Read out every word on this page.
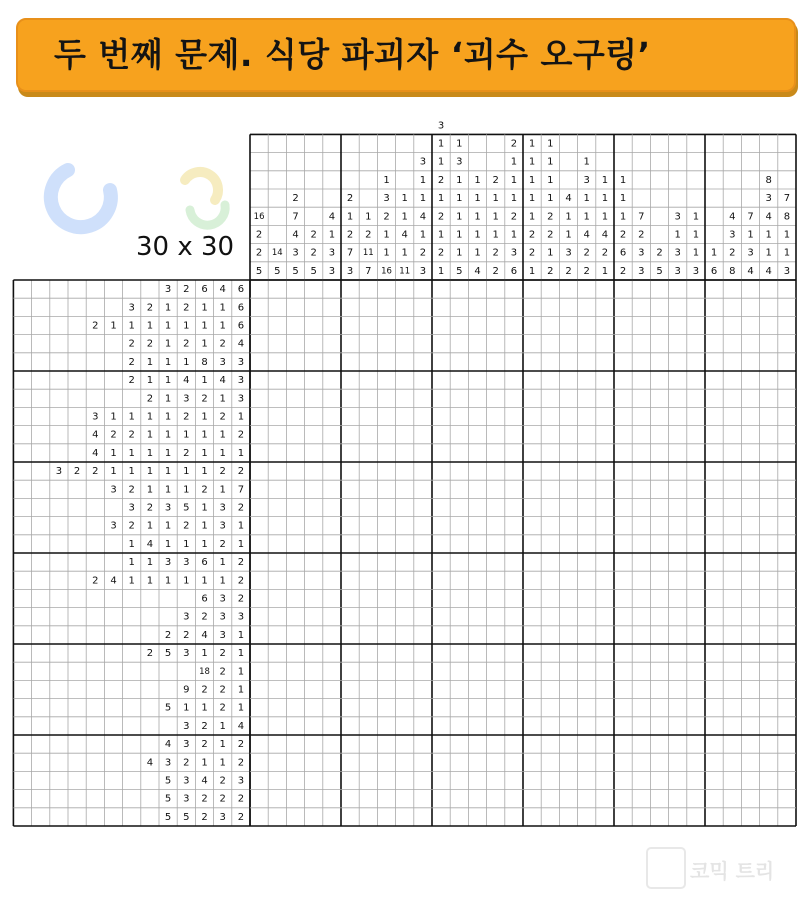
두 번째 문제. 식당 파괴자 ‘괴수 오구링’
30 x 30
16
2
2
5
14
5
2
7
4
3
5
2
2
5
4
1
3
3
2
1
2
7
3
1
2
11
7
1
3
2
1
1
16
1
1
4
1
11
3
1
1
4
1
2
3
3
1
1
2
1
2
1
2
1
1
3
1
1
1
1
1
5
1
1
1
1
1
4
2
1
1
1
2
2
2
1
1
1
2
1
3
6
1
1
1
1
1
2
2
1
1
1
1
1
2
2
1
2
4
1
1
3
2
1
3
1
1
4
2
2
1
1
1
4
2
1
1
1
1
2
6
2
7
2
3
3
2
5
3
1
3
3
1
1
1
3
1
6
4
3
2
8
7
1
3
4
8
3
4
1
1
4
7
8
1
1
3
3 2 6 4 6
3 2 1 2 1 1 6
2 1 1 1 1 1 1 1 6
2 2 1 2 1 2 4
2 1 1 1 8 3 3
2 1 1 4 1 4 3
2 1 3 2 1 3
3 1 1 1 1 2 1 2 1
4 2 2 1 1 1 1 1 2
4 1 1 1 1 2 1 1 1
3 2 2 1 1 1 1 1 1 2 2
3 2 1 1 1 2 1 7
3 2 3 5 1 3 2
3 2 1 1 2 1 3 1
1 4 1 1 1 2 1
1 1 3 3 6 1 2
2 4 1 1 1 1 1 1 2
6 3 2
3 2 3 3
2 2 4 3 1
2 5 3 1 2 1
18 2 1
9 2 2 1
5 1 1 2 1
3 2 1 4
4 3 2 1 2
4 3 2 1 1 2
5 3 4 2 3
5 3 2 2 2
5 5 2 3 2
코믹 트리
